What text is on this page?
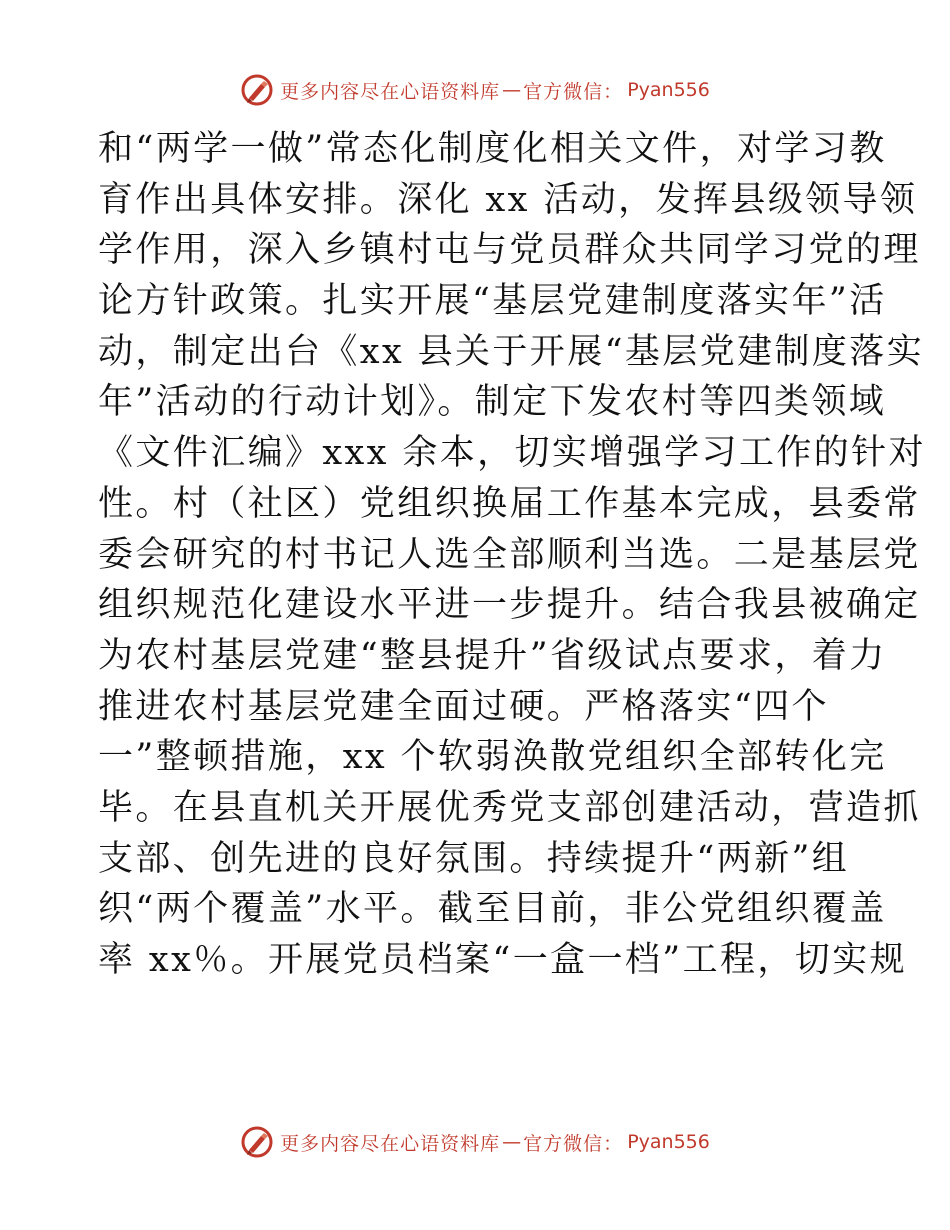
更多内容尽在心语资料库 — 官方微信： Pyan556
和“两学一做”常态化制度化相关文件，对学习教
育作出具体安排。深化 xx 活动，发挥县级领导领
学作用，深入乡镇村屯与党员群众共同学习党的理
论方针政策。扎实开展“基层党建制度落实年”活
动，制定出台《xx 县关于开展“基层党建制度落实
年”活动的行动计划》。制定下发农村等四类领域
《文件汇编》xxx 余本，切实增强学习工作的针对
性。村（社区）党组织换届工作基本完成，县委常
委会研究的村书记人选全部顺利当选。二是基层党
组织规范化建设水平进一步提升。结合我县被确定
为农村基层党建“整县提升”省级试点要求，着力
推进农村基层党建全面过硬。严格落实“四个
一”整顿措施，xx 个软弱涣散党组织全部转化完
毕。在县直机关开展优秀党支部创建活动，营造抓
支部、创先进的良好氛围。持续提升“两新”组
织“两个覆盖”水平。截至目前，非公党组织覆盖
率 xx％。开展党员档案“一盒一档”工程，切实规
更多内容尽在心语资料库 — 官方微信： Pyan556
